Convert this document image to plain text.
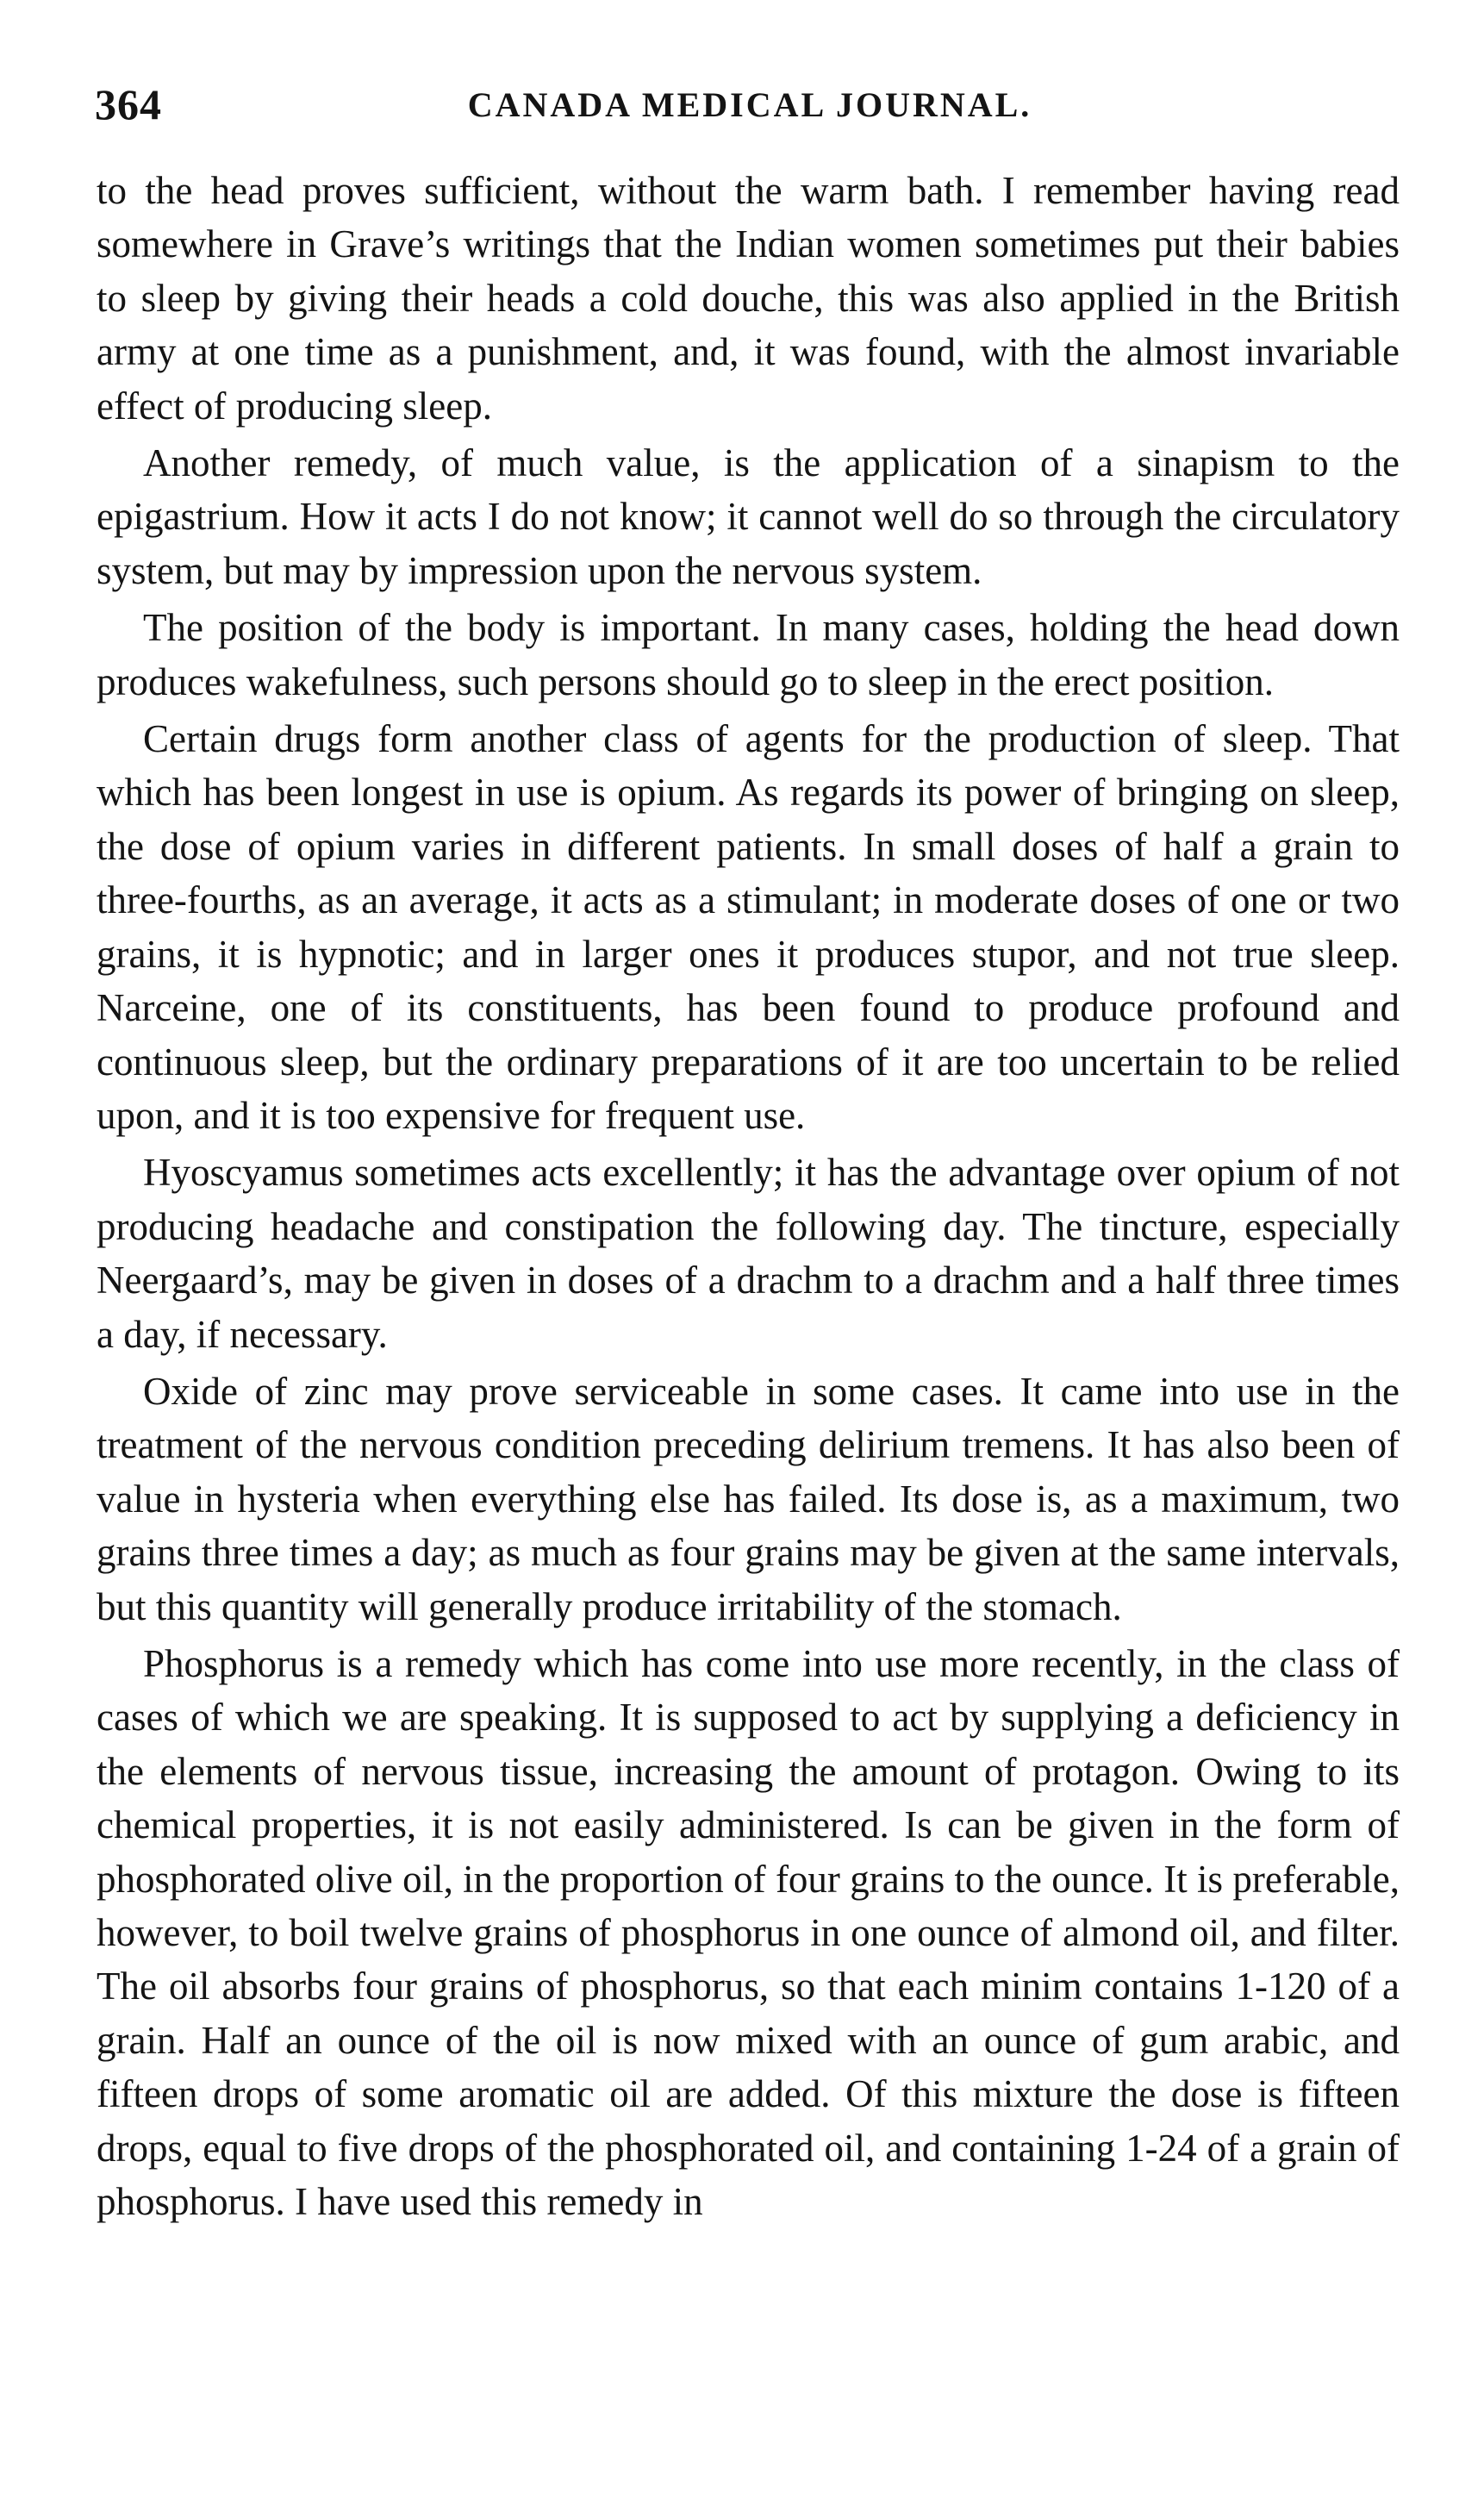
364	CANADA MEDICAL JOURNAL.

to the head proves sufficient, without the warm bath. I remember having read somewhere in Grave’s writings that the Indian women sometimes put their babies to sleep by giving their heads a cold douche, this was also applied in the British army at one time as a punishment, and, it was found, with the almost invariable effect of producing sleep.

Another remedy, of much value, is the application of a sinapism to the epigastrium. How it acts I do not know; it cannot well do so through the circulatory system, but may by impression upon the nervous system.

The position of the body is important. In many cases, holding the head down produces wakefulness, such persons should go to sleep in the erect position.

Certain drugs form another class of agents for the production of sleep. That which has been longest in use is opium. As regards its power of bringing on sleep, the dose of opium varies in different patients. In small doses of half a grain to three-fourths, as an average, it acts as a stimulant; in moderate doses of one or two grains, it is hypnotic; and in larger ones it produces stupor, and not true sleep. Narceine, one of its constituents, has been found to produce profound and continuous sleep, but the ordinary preparations of it are too uncertain to be relied upon, and it is too expensive for frequent use.

Hyoscyamus sometimes acts excellently; it has the advantage over opium of not producing headache and constipation the following day. The tincture, especially Neergaard’s, may be given in doses of a drachm to a drachm and a half three times a day, if necessary.

Oxide of zinc may prove serviceable in some cases. It came into use in the treatment of the nervous condition preceding delirium tremens. It has also been of value in hysteria when everything else has failed. Its dose is, as a maximum, two grains three times a day; as much as four grains may be given at the same intervals, but this quantity will generally produce irritability of the stomach.

Phosphorus is a remedy which has come into use more recently, in the class of cases of which we are speaking. It is supposed to act by supplying a deficiency in the elements of nervous tissue, increasing the amount of protagon. Owing to its chemical properties, it is not easily administered. Is can be given in the form of phosphorated olive oil, in the proportion of four grains to the ounce. It is preferable, however, to boil twelve grains of phosphorus in one ounce of almond oil, and filter. The oil absorbs four grains of phosphorus, so that each minim contains 1-120 of a grain. Half an ounce of the oil is now mixed with an ounce of gum arabic, and fifteen drops of some aromatic oil are added. Of this mixture the dose is fifteen drops, equal to five drops of the phosphorated oil, and containing 1-24 of a grain of phosphorus. I have used this remedy in
